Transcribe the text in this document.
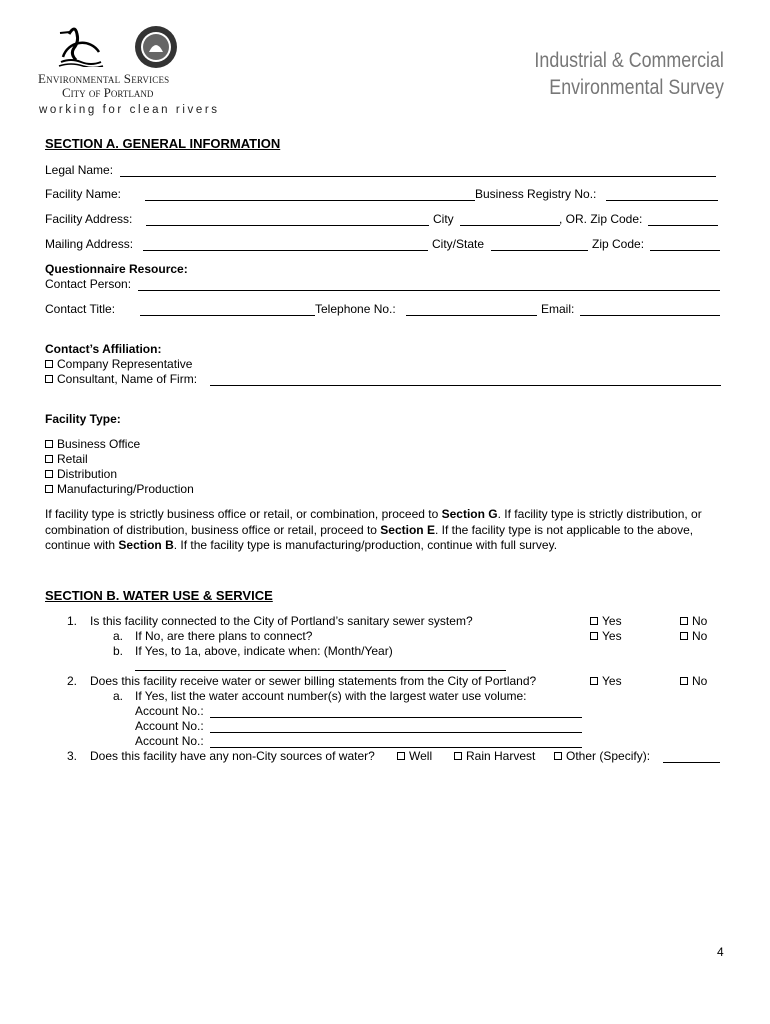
Environmental Services
City of Portland
working for clean rivers
Industrial & Commercial
Environmental Survey
SECTION A. GENERAL INFORMATION
Legal Name:
Facility Name:	Business Registry No.:
Facility Address:	City	, OR. Zip Code:
Mailing Address:	City/State	Zip Code:
Questionnaire Resource:
Contact Person:
Contact Title:	Telephone No.:	Email:
Contact’s Affiliation:
Company Representative
Consultant, Name of Firm:
Facility Type:
Business Office
Retail
Distribution
Manufacturing/Production
If facility type is strictly business office or retail, or combination, proceed to Section G. If facility type is strictly distribution, or combination of distribution, business office or retail, proceed to Section E. If the facility type is not applicable to the above, continue with Section B. If the facility type is manufacturing/production, continue with full survey.
SECTION B. WATER USE & SERVICE
1. Is this facility connected to the City of Portland’s sanitary sewer system?	Yes	No
a. If No, are there plans to connect?	Yes	No
b. If Yes, to 1a, above, indicate when: (Month/Year)
2. Does this facility receive water or sewer billing statements from the City of Portland?	Yes	No
a. If Yes, list the water account number(s) with the largest water use volume:
Account No.:
Account No.:
Account No.:
3. Does this facility have any non-City sources of water?	Well	Rain Harvest	Other (Specify):
4
